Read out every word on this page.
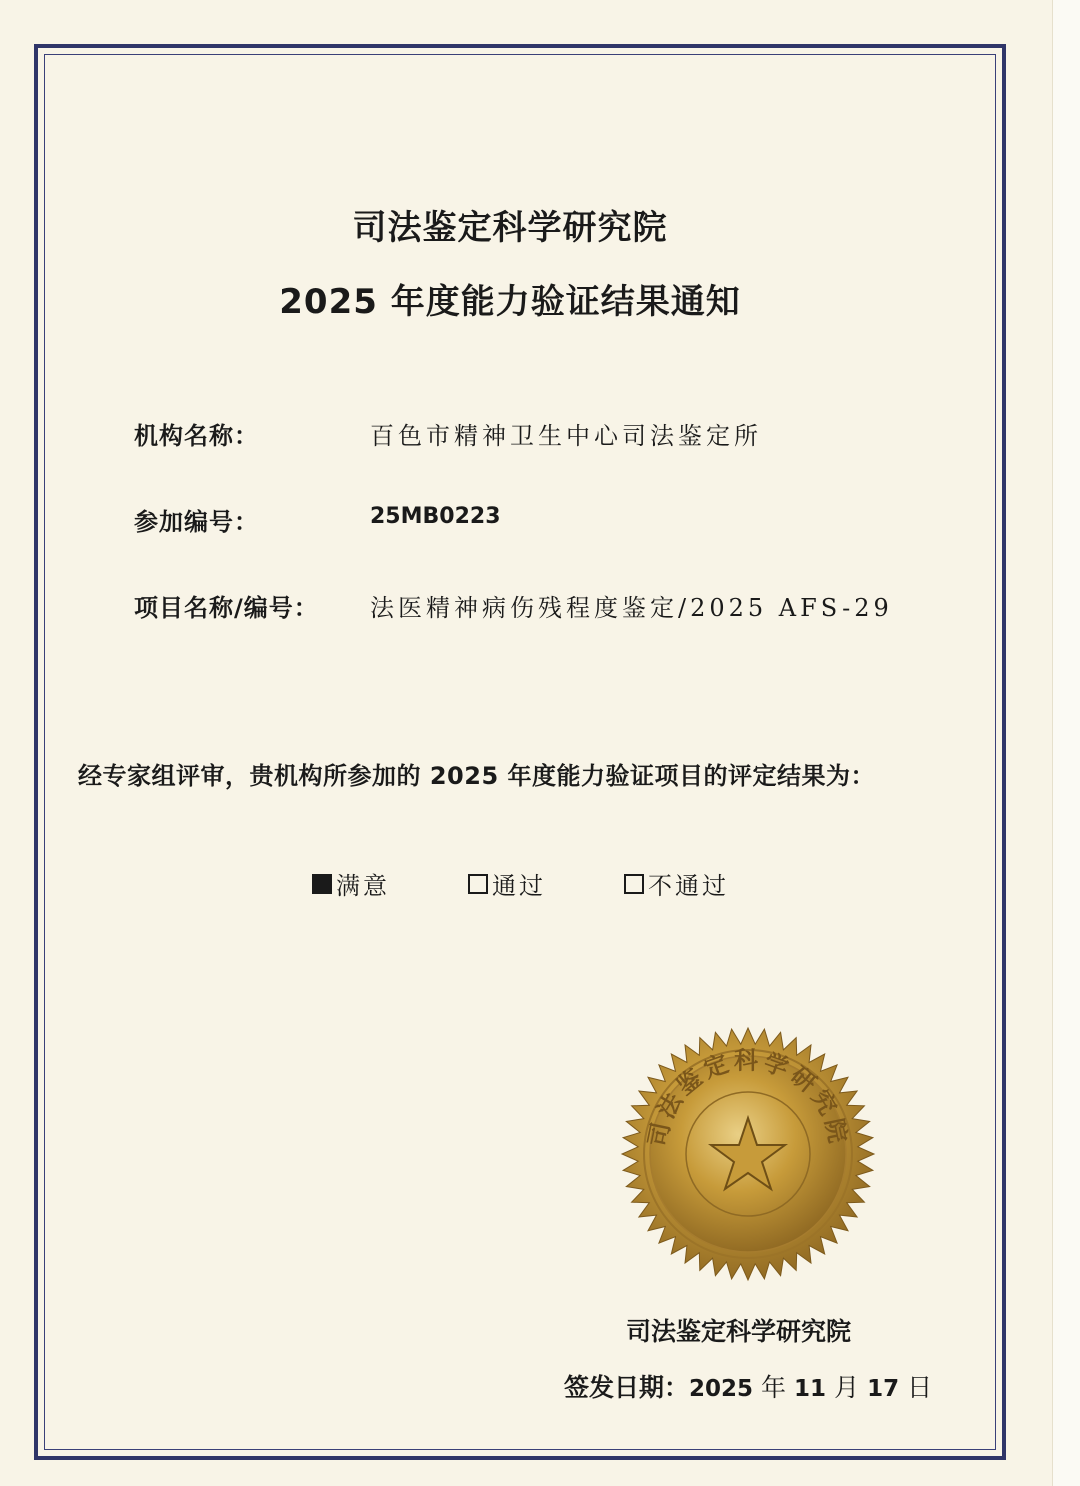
司法鉴定科学研究院
2025 年度能力验证结果通知
机构名称：	百色市精神卫生中心司法鉴定所
参加编号：	25MB0223
项目名称/编号： 法医精神病伤残程度鉴定/2025 AFS-29
经专家组评审，贵机构所参加的 2025 年度能力验证项目的评定结果为：
满意	通过	不通过
司法鉴定科学研究院
司法鉴定科学研究院
签发日期：2025 年 11 月 17 日
